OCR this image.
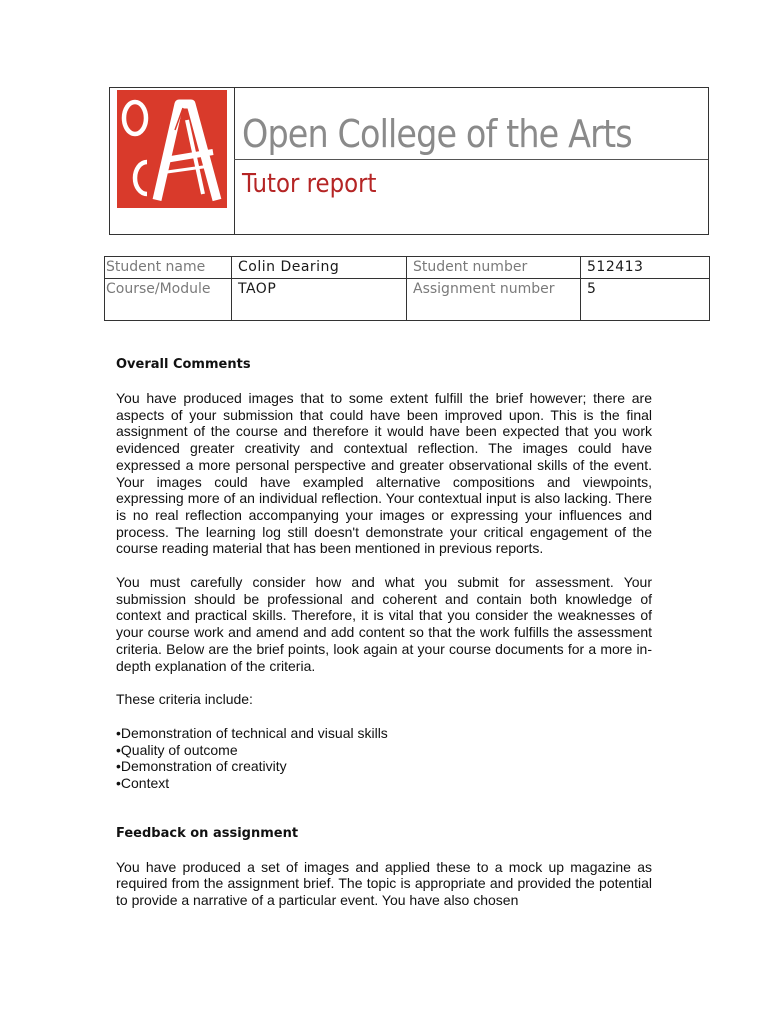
Open College of the Arts
Tutor report
Student name	Colin Dearing	Student number	512413
Course/Module	TAOP	Assignment number	5
Overall Comments

You have produced images that to some extent fulfill the brief however; there are aspects of your submission that could have been improved upon. This is the final assignment of the course and therefore it would have been expected that you work evidenced greater creativity and contextual reflection. The images could have expressed a more personal perspective and greater observational skills of the event. Your images could have exampled alternative compositions and viewpoints, expressing more of an individual reflection. Your contextual input is also lacking. There is no real reflection accompanying your images or expressing your influences and process. The learning log still doesn't demonstrate your critical engagement of the course reading material that has been mentioned in previous reports.

You must carefully consider how and what you submit for assessment. Your submission should be professional and coherent and contain both knowledge of context and practical skills. Therefore, it is vital that you consider the weaknesses of your course work and amend and add content so that the work fulfills the assessment criteria. Below are the brief points, look again at your course documents for a more in-depth explanation of the criteria.

These criteria include:

• Demonstration of technical and visual skills
• Quality of outcome
• Demonstration of creativity
• Context
Feedback on assignment

You have produced a set of images and applied these to a mock up magazine as required from the assignment brief. The topic is appropriate and provided the potential to provide a narrative of a particular event. You have also chosen
